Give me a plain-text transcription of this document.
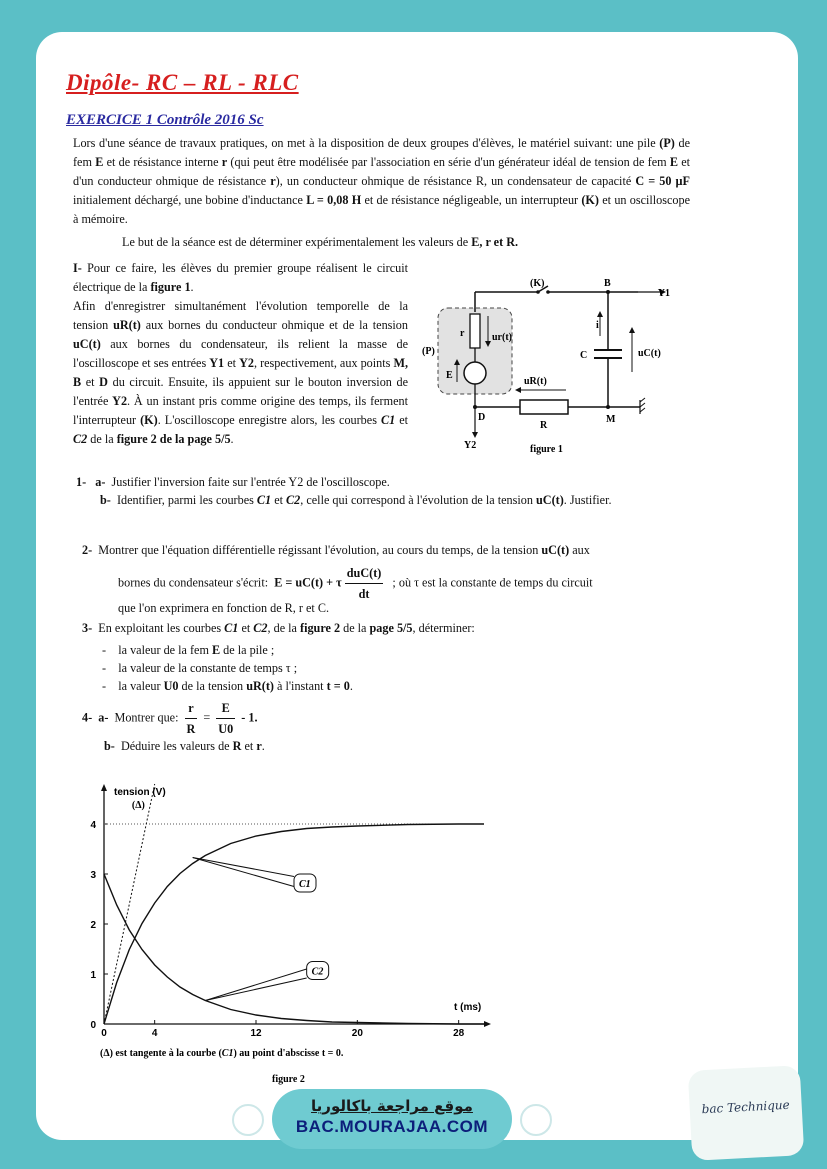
Dipôle- RC – RL - RLC
EXERCICE 1 Contrôle 2016 Sc
Lors d'une séance de travaux pratiques, on met à la disposition de deux groupes d'élèves, le matériel suivant: une pile (P) de fem E et de résistance interne r (qui peut être modélisée par l'association en série d'un générateur idéal de tension de fem E et d'un conducteur ohmique de résistance r), un conducteur ohmique de résistance R, un condensateur de capacité C = 50 µF initialement déchargé, une bobine d'inductance L = 0,08 H et de résistance négligeable, un interrupteur (K) et un oscilloscope à mémoire.
Le but de la séance est de déterminer expérimentalement les valeurs de E, r et R.
I- Pour ce faire, les élèves du premier groupe réalisent le circuit électrique de la figure 1.
Afin d'enregistrer simultanément l'évolution temporelle de la tension uR(t) aux bornes du conducteur ohmique et de la tension uC(t) aux bornes du condensateur, ils relient la masse de l'oscilloscope et ses entrées Y1 et Y2, respectivement, aux points M, B et D du circuit. Ensuite, ils appuient sur le bouton inversion de l'entrée Y2. À un instant pris comme origine des temps, ils ferment l'interrupteur (K). L'oscilloscope enregistre alors, les courbes C1 et C2 de la figure 2 de la page 5/5.
(K)	B
Y1
i
C	uC(t)
(P)
r	ur(t)
E
uR(t)
D
R
M
Y2	figure 1
1- a- Justifier l'inversion faite sur l'entrée Y2 de l'oscilloscope.
b- Identifier, parmi les courbes C1 et C2, celle qui correspond à l'évolution de la tension uC(t). Justifier.
2- Montrer que l'équation différentielle régissant l'évolution, au cours du temps, de la tension uC(t) aux
bornes du condensateur s'écrit: E = uC(t) + τ $\frac{\text{duC(t)}}{dt}$ ; où τ est la constante de temps du circuit
que l'on exprimera en fonction de R, r et C.
3- En exploitant les courbes C1 et C2, de la figure 2 de la page 5/5, déterminer:
- la valeur de la fem E de la pile ;
- la valeur de la constante de temps τ ;
- la valeur U0 de la tension uR(t) à l'instant t = 0.
4- a- Montrer que: $\frac{r}{R} = \frac{E}{U0} - 1$.
b- Déduire les valeurs de R et r.
0	4	12	20	28
0
1
2
3
4
tension (V)
t (ms)
(Δ)
C1
C2
(Δ) est tangente à la courbe (C1) au point d'abscisse t = 0.
figure 2
موقع مراجعة باكالوريا
BAC.MOURAJAA.COM
bac Technique
